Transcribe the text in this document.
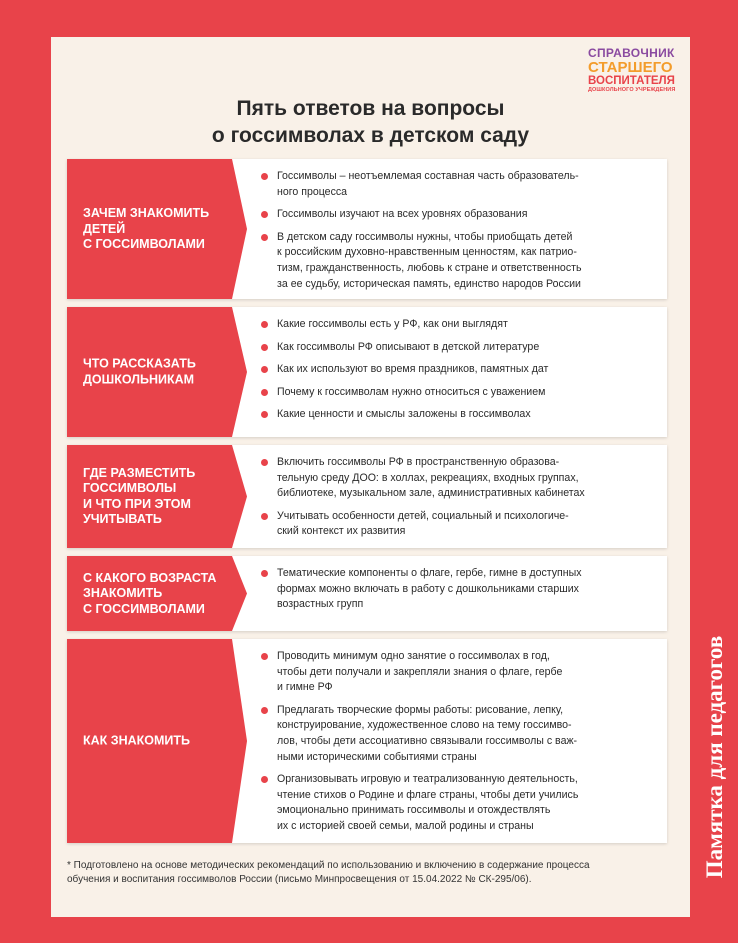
СПРАВОЧНИК
СТАРШЕГО
ВОСПИТАТЕЛЯ
ДОШКОЛЬНОГО УЧРЕЖДЕНИЯ
Пять ответов на вопросы
о госсимволах в детском саду
ЗАЧЕМ ЗНАКОМИТЬ
ДЕТЕЙ
С ГОССИМВОЛАМИ
Госсимволы – неотъемлемая составная часть образователь-
ного процесса
Госсимволы изучают на всех уровнях образования
В детском саду госсимволы нужны, чтобы приобщать детей
к российским духовно-нравственным ценностям, как патрио-
тизм, гражданственность, любовь к стране и ответственность
за ее судьбу, историческая память, единство народов России
ЧТО РАССКАЗАТЬ
ДОШКОЛЬНИКАМ
Какие госсимволы есть у РФ, как они выглядят
Как госсимволы РФ описывают в детской литературе
Как их используют во время праздников, памятных дат
Почему к госсимволам нужно относиться с уважением
Какие ценности и смыслы заложены в госсимволах
ГДЕ РАЗМЕСТИТЬ
ГОССИМВОЛЫ
И ЧТО ПРИ ЭТОМ
УЧИТЫВАТЬ
Включить госсимволы РФ в пространственную образова-
тельную среду ДОО: в холлах, рекреациях, входных группах,
библиотеке, музыкальном зале, административных кабинетах
Учитывать особенности детей, социальный и психологиче-
ский контекст их развития
С КАКОГО ВОЗРАСТА
ЗНАКОМИТЬ
С ГОССИМВОЛАМИ
Тематические компоненты о флаге, гербе, гимне в доступных
формах можно включать в работу с дошкольниками старших
возрастных групп
КАК ЗНАКОМИТЬ
Проводить минимум одно занятие о госсимволах в год,
чтобы дети получали и закрепляли знания о флаге, гербе
и гимне РФ
Предлагать творческие формы работы: рисование, лепку,
конструирование, художественное слово на тему госсимво-
лов, чтобы дети ассоциативно связывали госсимволы с важ-
ными историческими событиями страны
Организовывать игровую и театрализованную деятельность,
чтение стихов о Родине и флаге страны, чтобы дети учились
эмоционально принимать госсимволы и отождествлять
их с историей своей семьи, малой родины и страны
* Подготовлено на основе методических рекомендаций по использованию и включению в содержание процесса
обучения и воспитания госсимволов России (письмо Минпросвещения от 15.04.2022 № СК-295/06).
Памятка для педагогов
